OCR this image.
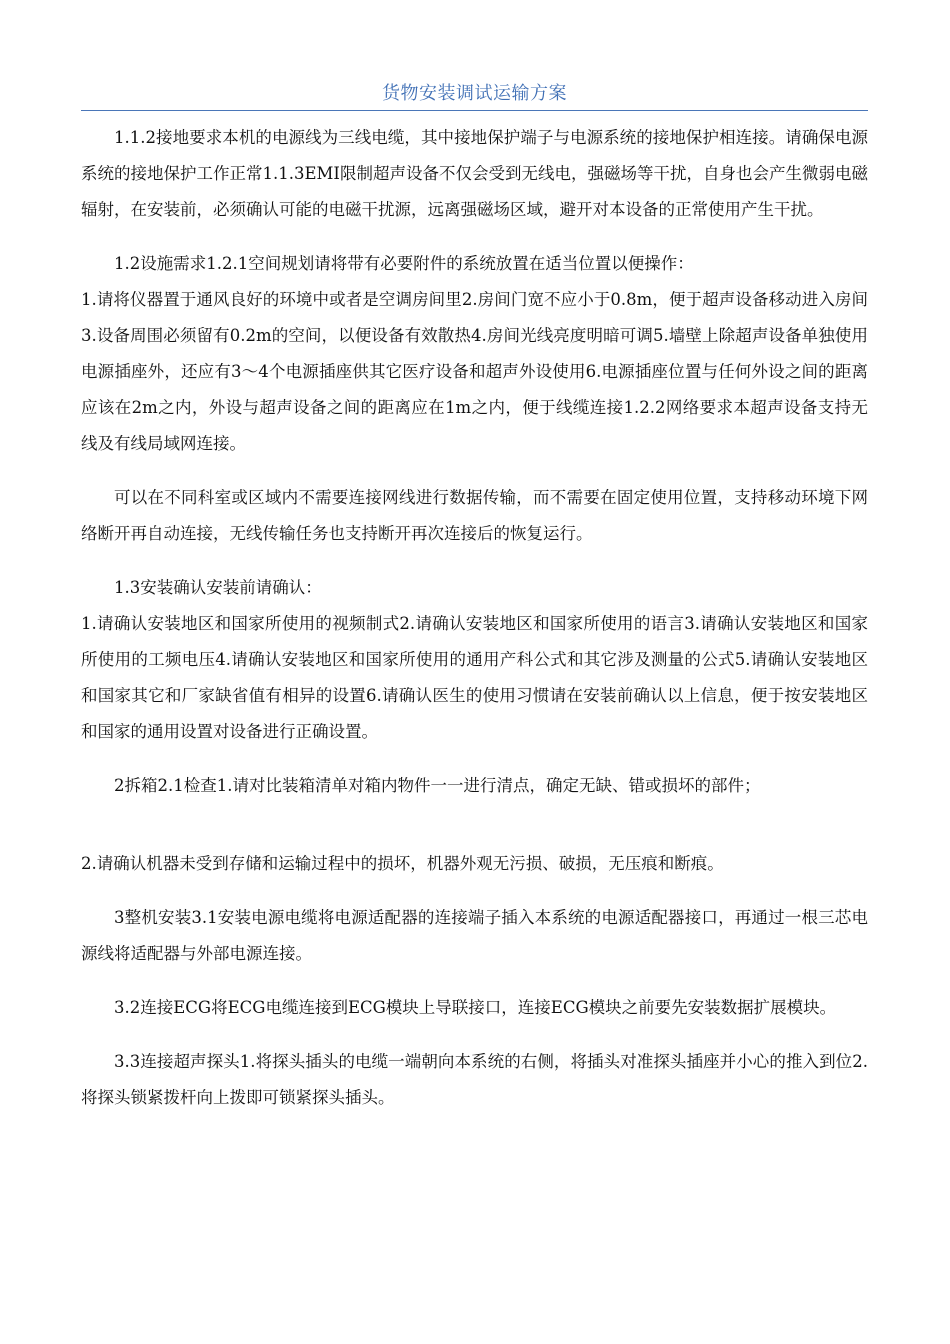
货物安装调试运输方案

1.1.2接地要求本机的电源线为三线电缆，其中接地保护端子与电源系统的接地保护相连接。请确保电源系统的接地保护工作正常1.1.3EMI限制超声设备不仅会受到无线电，强磁场等干扰，自身也会产生微弱电磁辐射，在安装前，必须确认可能的电磁干扰源，远离强磁场区域，避开对本设备的正常使用产生干扰。

1.2设施需求1.2.1空间规划请将带有必要附件的系统放置在适当位置以便操作：

1.请将仪器置于通风良好的环境中或者是空调房间里2.房间门宽不应小于0.8m，便于超声设备移动进入房间3.设备周围必须留有0.2m的空间，以便设备有效散热4.房间光线亮度明暗可调5.墙壁上除超声设备单独使用电源插座外，还应有3～4个电源插座供其它医疗设备和超声外设使用6.电源插座位置与任何外设之间的距离应该在2m之内，外设与超声设备之间的距离应在1m之内，便于线缆连接1.2.2网络要求本超声设备支持无线及有线局域网连接。

可以在不同科室或区域内不需要连接网线进行数据传输，而不需要在固定使用位置，支持移动环境下网络断开再自动连接，无线传输任务也支持断开再次连接后的恢复运行。

1.3安装确认安装前请确认：

1.请确认安装地区和国家所使用的视频制式2.请确认安装地区和国家所使用的语言3.请确认安装地区和国家所使用的工频电压4.请确认安装地区和国家所使用的通用产科公式和其它涉及测量的公式5.请确认安装地区和国家其它和厂家缺省值有相异的设置6.请确认医生的使用习惯请在安装前确认以上信息，便于按安装地区和国家的通用设置对设备进行正确设置。

2拆箱2.1检查1.请对比装箱清单对箱内物件一一进行清点，确定无缺、错或损坏的部件；

2.请确认机器未受到存储和运输过程中的损坏，机器外观无污损、破损，无压痕和断痕。

3整机安装3.1安装电源电缆将电源适配器的连接端子插入本系统的电源适配器接口，再通过一根三芯电源线将适配器与外部电源连接。

3.2连接ECG将ECG电缆连接到ECG模块上导联接口，连接ECG模块之前要先安装数据扩展模块。

3.3连接超声探头1.将探头插头的电缆一端朝向本系统的右侧，将插头对准探头插座并小心的推入到位2.将探头锁紧拨杆向上拨即可锁紧探头插头。
